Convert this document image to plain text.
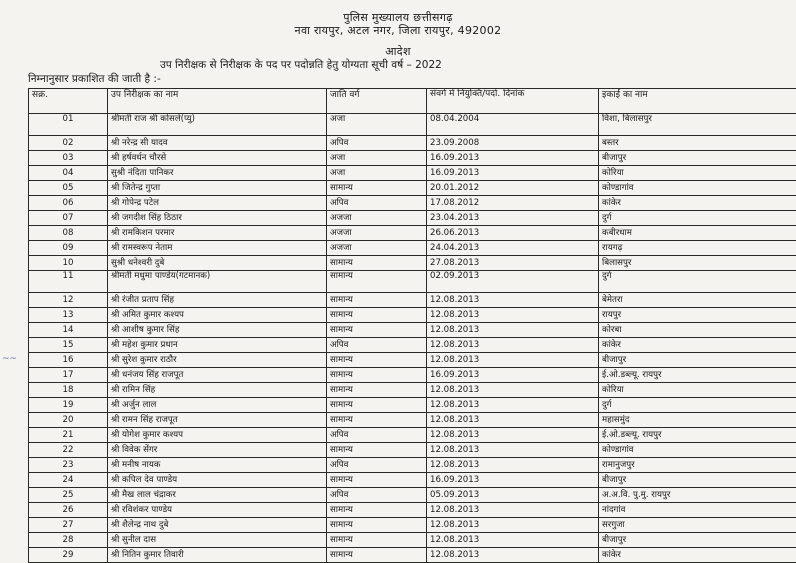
पुलिस मुख्यालय छत्तीसगढ़
नवा रायपुर, अटल नगर, जिला रायपुर, 492002
आदेश
उप निरीक्षक से निरीक्षक के पद पर पदोन्नति हेतु योग्यता सूची वर्ष – 2022
निम्नानुसार प्रकाशित की जाती है :-
सक्र.	उप निरीक्षक का नाम	जाति वर्ग	संवर्ग में नियुक्ति/पदो. दिनांक	इकाई का नाम
01	श्रीमती राज श्री कोसले(प्यु)	अजा	08.04.2004	विशा, बिलासपुर
02	श्री नरेन्द्र सी यादव	अपिव	23.09.2008	बस्तर
03	श्री हर्षवर्धन चौरसे	अजा	16.09.2013	बीजापुर
04	सुश्री नंदिता पानिकर	अजा	16.09.2013	कोरिया
05	श्री जितेन्द्र गुप्ता	सामान्य	20.01.2012	कोण्डागांव
06	श्री गोपेन्द्र पटेल	अपिव	17.08.2012	कांकेर
07	श्री जगदीश सिंह ठिठार	अजजा	23.04.2013	दुर्ग
08	श्री रामकिशन परमार	अजजा	26.06.2013	कबीरधाम
09	श्री रामस्वरूप नेताम	अजजा	24.04.2013	रायगढ़
10	सुश्री धनेश्वरी दुबे	सामान्य	27.08.2013	बिलासपुर
11	श्रीमती मधुमा पाण्डेय(गटमानक)	सामान्य	02.09.2013	दुर्ग
12	श्री रंजीत प्रताप सिंह	सामान्य	12.08.2013	बेमेतरा
13	श्री अमित कुमार कश्यप	सामान्य	12.08.2013	रायपुर
14	श्री आशीष कुमार सिंह	सामान्य	12.08.2013	कोरबा
15	श्री महेश कुमार प्रधान	अपिव	12.08.2013	कांकेर
16	श्री सुरेश कुमार राठौर	सामान्य	12.08.2013	बीजापुर
17	श्री धनंजय सिंह राजपूत	सामान्य	16.09.2013	ई.ओ.डब्ल्यू. रायपुर
18	श्री रामिन सिंह	सामान्य	12.08.2013	कोरिया
19	श्री अर्जुन लाल	सामान्य	12.08.2013	दुर्ग
20	श्री रामन सिंह राजपूत	सामान्य	12.08.2013	महासमुंद
21	श्री योगेश कुमार कश्यप	अपिव	12.08.2013	ई.ओ.डब्ल्यू. रायपुर
22	श्री विवेक सेंगर	सामान्य	12.08.2013	कोण्डागांव
23	श्री मनीष नायक	अपिव	12.08.2013	रामानुजपुर
24	श्री कपिल देव पाण्डेय	सामान्य	16.09.2013	बीजापुर
25	श्री मैख लाल चंद्राकर	अपिव	05.09.2013	अ.अ.वि. पु.मु. रायपुर
26	श्री रविशंकर पाण्डेय	सामान्य	12.08.2013	नांदगांव
27	श्री शैलेन्द्र नाथ दुबे	सामान्य	12.08.2013	सरगुजा
28	श्री सुनील दास	सामान्य	12.08.2013	बीजापुर
29	श्री नितिन कुमार तिवारी	सामान्य	12.08.2013	कांकेर
~~
